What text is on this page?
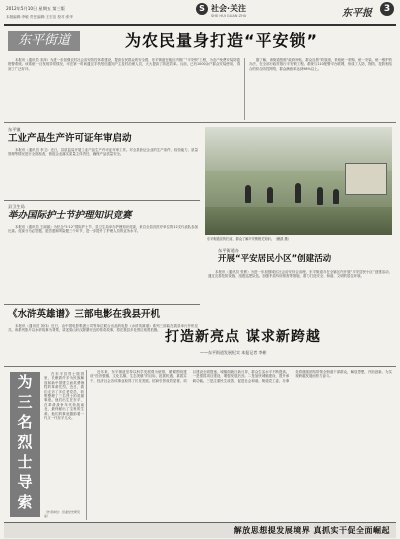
2012年5月10日 星期五 第三版
本版编辑:李敏 责任编辑:王宏宣 校对:张华
S 社会·关注
SHE HUI GUAN ZHU	东平报	3
东平街道	为农民量身打造“平安锁”

本报讯（通讯员 宋萍）为进一步加强农村社会治安防控体系建设，提高农民群众的安全感，东平街道在辖区内推广“平安锁”工程，为农户免费安装防盗报警系统。该系统一旦发现异常情况，可在第一时间通过手机短信通知户主及村治保人员，大大提高了防范效率。目前，已有1000余户群众安装使用，得到了广泛好评。

据了解，该街道按照“政府补贴、群众自愿”的原则，采取统一采购、统一安装、统一维护的办法，在全部行政村推行平安锁工程。系统与110报警平台联网，形成了人防、物防、技防相结合的综合防控网络，群众满意率达到98%以上。

东平镇
工业产品生产许可证年审启动

本报讯（通讯员 李卫）近日，县质监局开展工业产品生产许可证年审工作。对全县获证企业的生产条件、检验能力、质量管理等情况进行全面检查，督促企业落实质量主体责任，确保产品质量安全。

县卫生局
举办国际护士节护理知识竞赛

本报讯（通讯员 王丽丽）为纪念“5·12”国际护士节，县卫生局举办护理知识竞赛，来自全县各医疗单位的12支代表队参加比赛。竞赛分为必答题、抢答题和风险题三个环节，进一步提升了护理人员的业务水平。

东平街道宣传栏前，群众了解平安锁相关知识。（鲍凯 摄）
东平街道办
开展“平安居民小区”创建活动

本报讯（通讯员 张彬）为进一步加强城区社会治安综合治理，东平街道办在全辖区内开展“平安居民小区”创建活动，通过完善技防设施、组建巡逻队伍、加强矛盾纠纷排查等措施，着力打造安全、和谐、文明的居住环境。

《水浒英雄谱》三部电影在我县开机

本报讯（通讯员 刘伟）近日，由中国电影集团公司等单位联合出品的电影《水浒英雄谱》系列三部曲在我县举行开机仪式。该系列影片以水浒故事为背景，讲述梁山好汉除暴安良的传奇故事，将在我县多处景区取景拍摄。 打造新亮点 谋求新跨越
——东平街道发展纪实 本报记者 李彬

近年来，东平街道坚持以科学发展观为统领，紧紧围绕建设“经济强镇、文化名镇、生态美镇”的目标，抢抓机遇，真抓实干，经济社会各项事业取得了长足发展。招商引资成效显著，项目建设全面提速，城镇面貌日新月异，群众生活水平不断提高。一是狠抓项目建设，增强发展后劲。二是加快城镇建设，提升承载功能。三是注重民生改善，促进社会和谐。街道党工委、办事处将继续团结带领全街道干部群众，解放思想，开拓创新，为实现跨越发展而努力奋斗。

为
三
名
烈
士
导
索

在东平县烈士陵园里，长眠着许多为民族解放和新中国建立而英勇牺牲的革命先烈。近日，我们走访了多位老党员，收集整理了三名烈士的英雄事迹。他们出生在东平，在革命战争年代转战南北，最终献出了宝贵的生命。他们的事迹激励着一代又一代东平儿女。

（作者单位：县委党史研究室）
解放思想提发展境界 真抓实干促全面崛起
